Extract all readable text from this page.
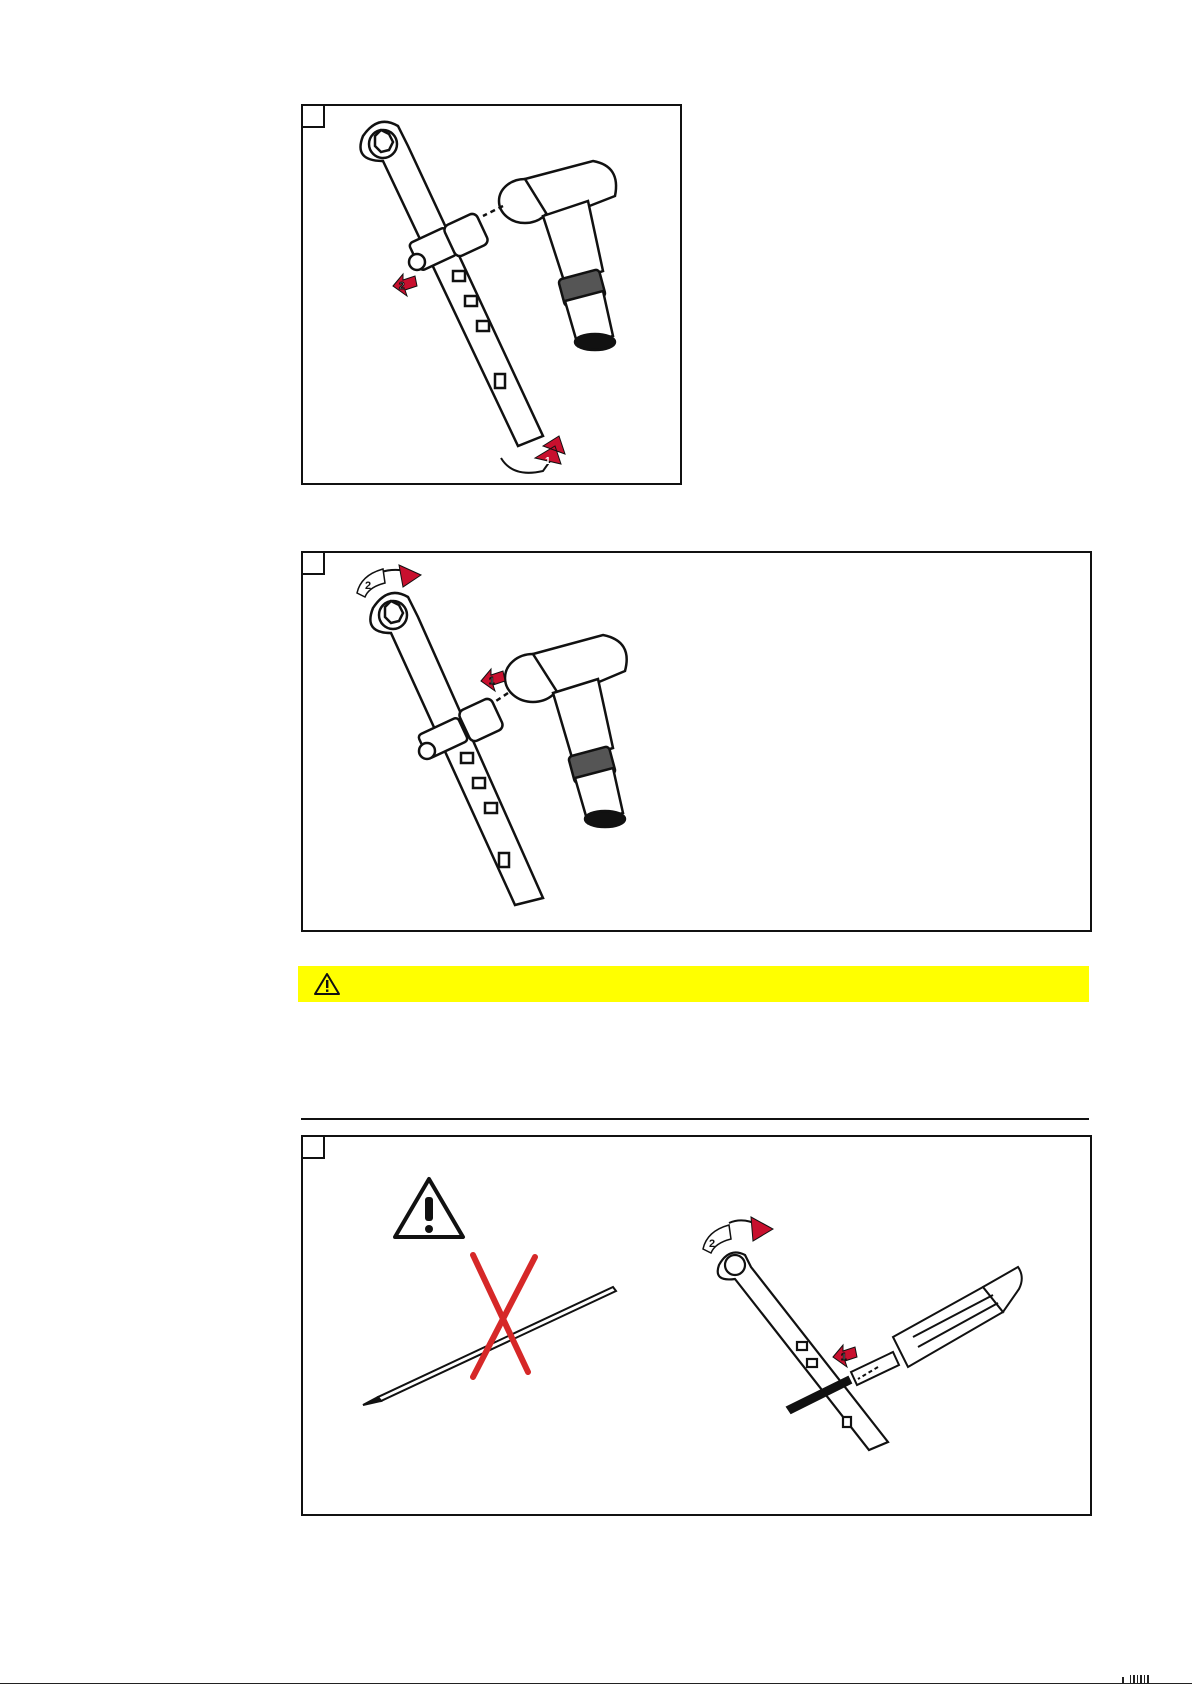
2
1
1
2
1
2
